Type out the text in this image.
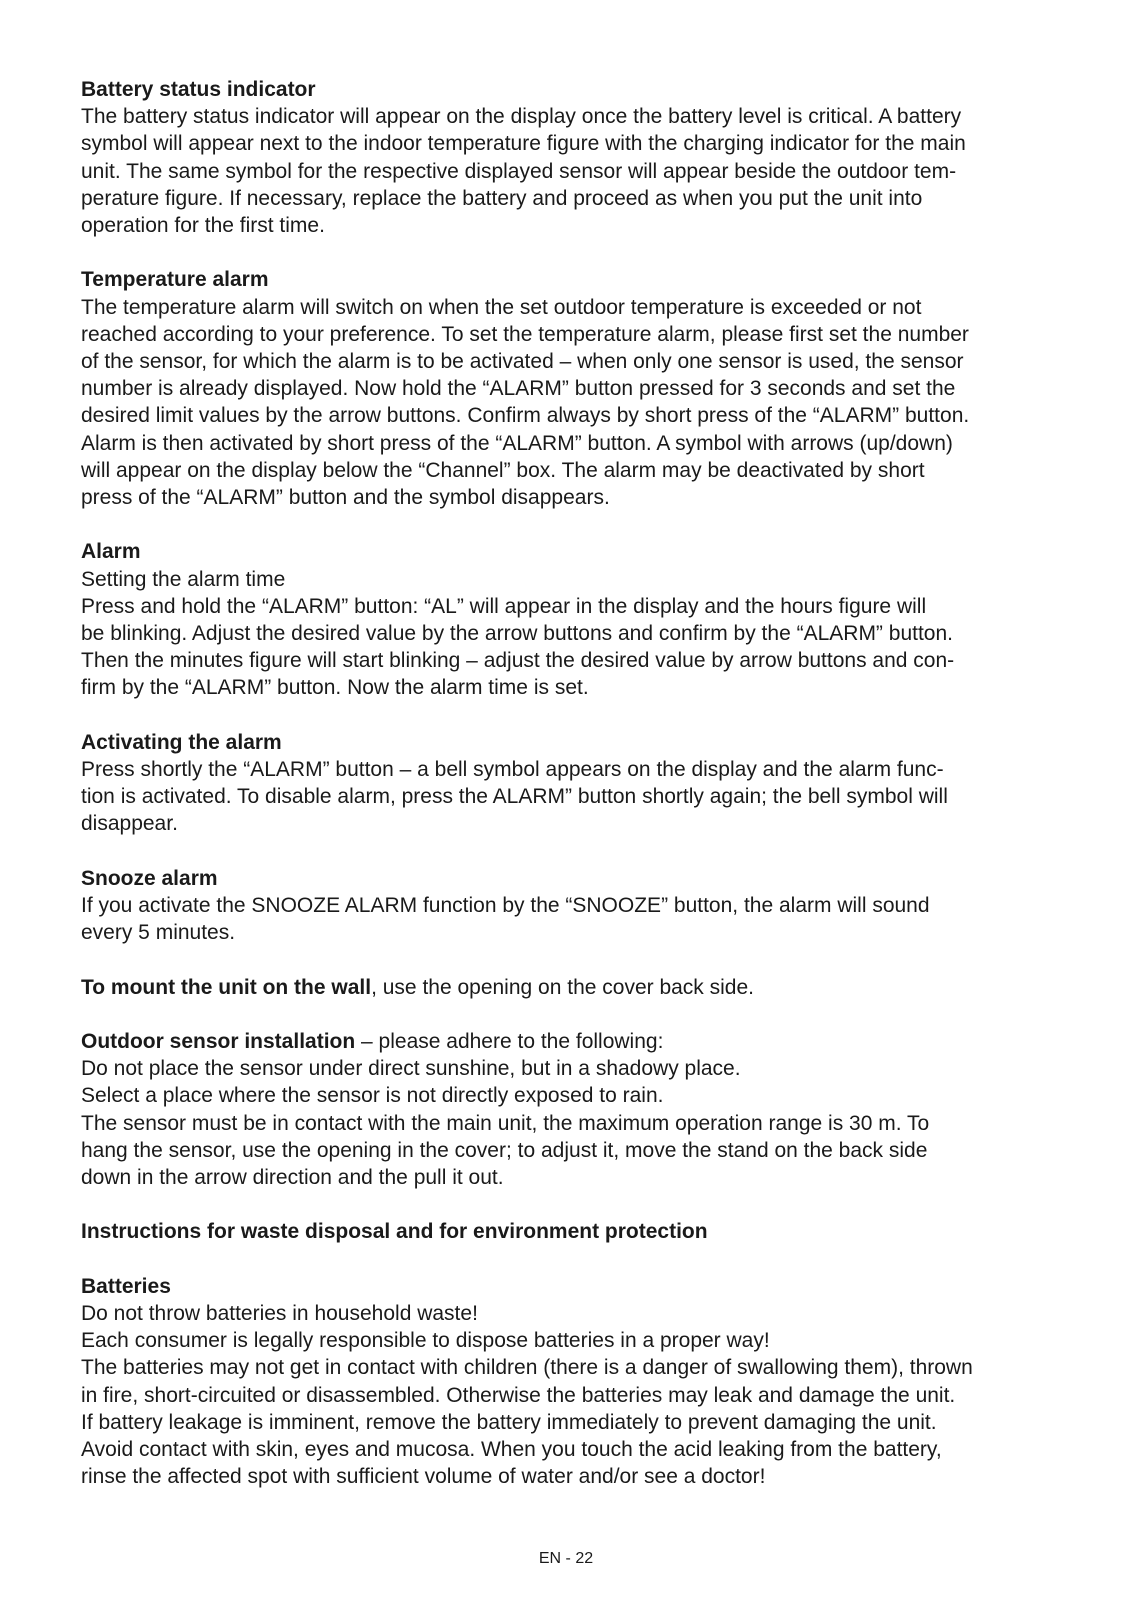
Battery status indicator
The battery status indicator will appear on the display once the battery level is critical. A battery
symbol will appear next to the indoor temperature figure with the charging indicator for the main
unit. The same symbol for the respective displayed sensor will appear beside the outdoor tem-
perature figure. If necessary, replace the battery and proceed as when you put the unit into
operation for the first time.
Temperature alarm
The temperature alarm will switch on when the set outdoor temperature is exceeded or not
reached according to your preference. To set the temperature alarm, please first set the number
of the sensor, for which the alarm is to be activated – when only one sensor is used, the sensor
number is already displayed. Now hold the “ALARM” button pressed for 3 seconds and set the
desired limit values by the arrow buttons. Confirm always by short press of the “ALARM” button.
Alarm is then activated by short press of the “ALARM” button. A symbol with arrows (up/down)
will appear on the display below the “Channel” box. The alarm may be deactivated by short
press of the “ALARM” button and the symbol disappears.
Alarm
Setting the alarm time
Press and hold the “ALARM” button: “AL” will appear in the display and the hours figure will
be blinking. Adjust the desired value by the arrow buttons and confirm by the “ALARM” button.
Then the minutes figure will start blinking – adjust the desired value by arrow buttons and con-
firm by the “ALARM” button. Now the alarm time is set.
Activating the alarm
Press shortly the “ALARM” button – a bell symbol appears on the display and the alarm func-
tion is activated. To disable alarm, press the ALARM” button shortly again; the bell symbol will
disappear.
Snooze alarm
If you activate the SNOOZE ALARM function by the “SNOOZE” button, the alarm will sound
every 5 minutes.
To mount the unit on the wall, use the opening on the cover back side.
Outdoor sensor installation – please adhere to the following:
Do not place the sensor under direct sunshine, but in a shadowy place.
Select a place where the sensor is not directly exposed to rain.
The sensor must be in contact with the main unit, the maximum operation range is 30 m. To
hang the sensor, use the opening in the cover; to adjust it, move the stand on the back side
down in the arrow direction and the pull it out.
Instructions for waste disposal and for environment protection
Batteries
Do not throw batteries in household waste!
Each consumer is legally responsible to dispose batteries in a proper way!
The batteries may not get in contact with children (there is a danger of swallowing them), thrown
in fire, short-circuited or disassembled. Otherwise the batteries may leak and damage the unit.
If battery leakage is imminent, remove the battery immediately to prevent damaging the unit.
Avoid contact with skin, eyes and mucosa. When you touch the acid leaking from the battery,
rinse the affected spot with sufficient volume of water and/or see a doctor!
EN - 22
